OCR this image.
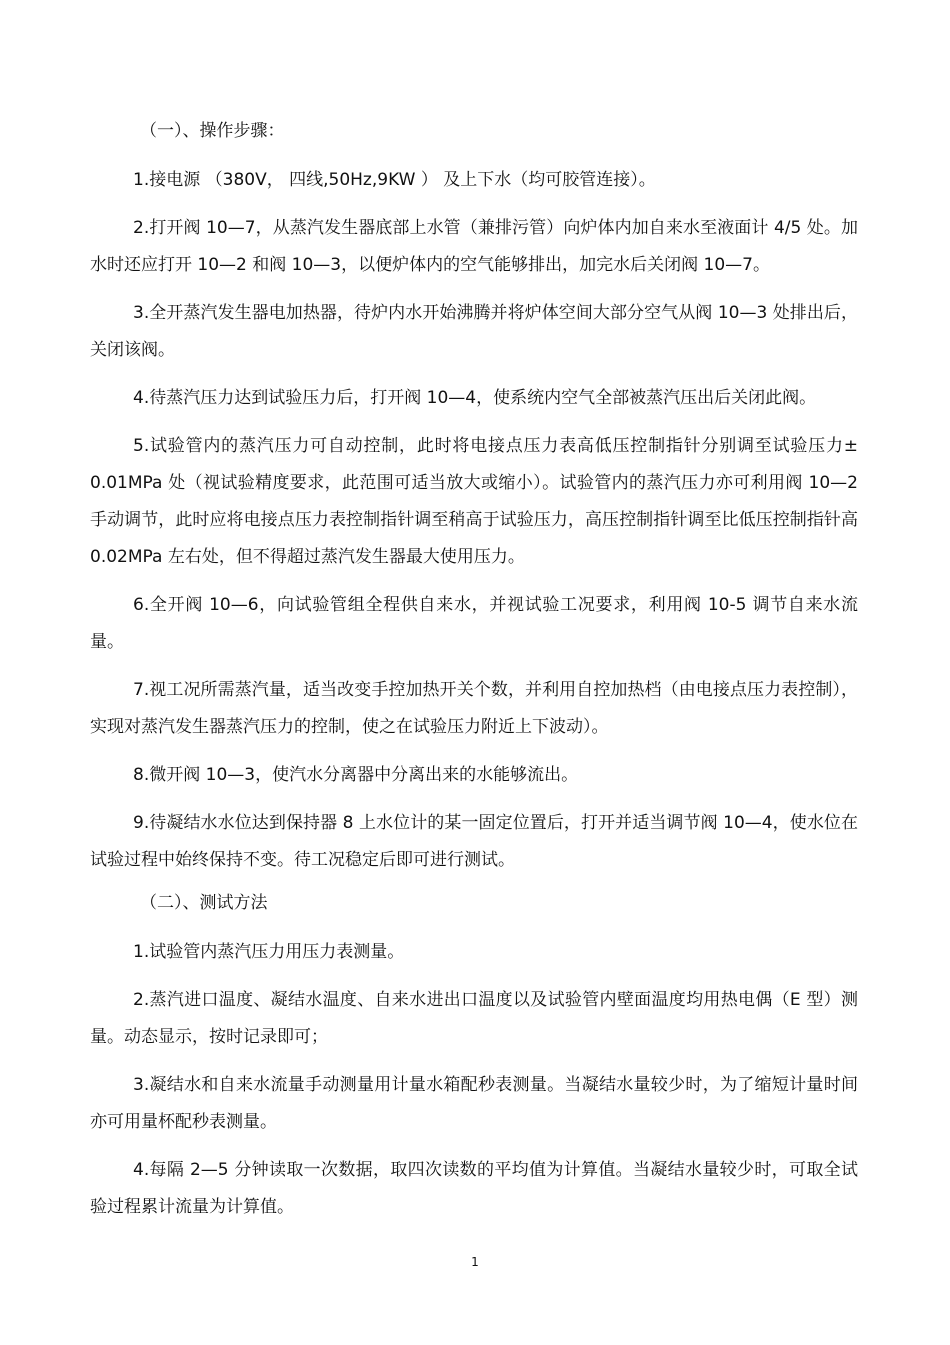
（一）、操作步骤：

1.接电源 （380V， 四线,50Hz,9KW ） 及上下水（均可胶管连接）。

2.打开阀 10—7，从蒸汽发生器底部上水管（兼排污管）向炉体内加自来水至液面计 4/5 处。加水时还应打开 10—2 和阀 10—3，以便炉体内的空气能够排出，加完水后关闭阀 10—7。

3.全开蒸汽发生器电加热器，待炉内水开始沸腾并将炉体空间大部分空气从阀 10—3 处排出后，关闭该阀。

4.待蒸汽压力达到试验压力后，打开阀 10—4，使系统内空气全部被蒸汽压出后关闭此阀。

5.试验管内的蒸汽压力可自动控制，此时将电接点压力表高低压控制指针分别调至试验压力± 0.01MPa 处（视试验精度要求，此范围可适当放大或缩小）。试验管内的蒸汽压力亦可利用阀 10—2 手动调节，此时应将电接点压力表控制指针调至稍高于试验压力，高压控制指针调至比低压控制指针高 0.02MPa 左右处，但不得超过蒸汽发生器最大使用压力。

6.全开阀 10—6，向试验管组全程供自来水，并视试验工况要求，利用阀 10-5 调节自来水流量。

7.视工况所需蒸汽量，适当改变手控加热开关个数，并利用自控加热档（由电接点压力表控制），实现对蒸汽发生器蒸汽压力的控制，使之在试验压力附近上下波动）。

8.微开阀 10—3，使汽水分离器中分离出来的水能够流出。

9.待凝结水水位达到保持器 8 上水位计的某一固定位置后，打开并适当调节阀 10—4，使水位在试验过程中始终保持不变。待工况稳定后即可进行测试。

（二）、测试方法

1.试验管内蒸汽压力用压力表测量。

2.蒸汽进口温度、凝结水温度、自来水进出口温度以及试验管内壁面温度均用热电偶（E 型）测量。动态显示，按时记录即可；

3.凝结水和自来水流量手动测量用计量水箱配秒表测量。当凝结水量较少时，为了缩短计量时间亦可用量杯配秒表测量。

4.每隔 2—5 分钟读取一次数据，取四次读数的平均值为计算值。当凝结水量较少时，可取全试验过程累计流量为计算值。

1
